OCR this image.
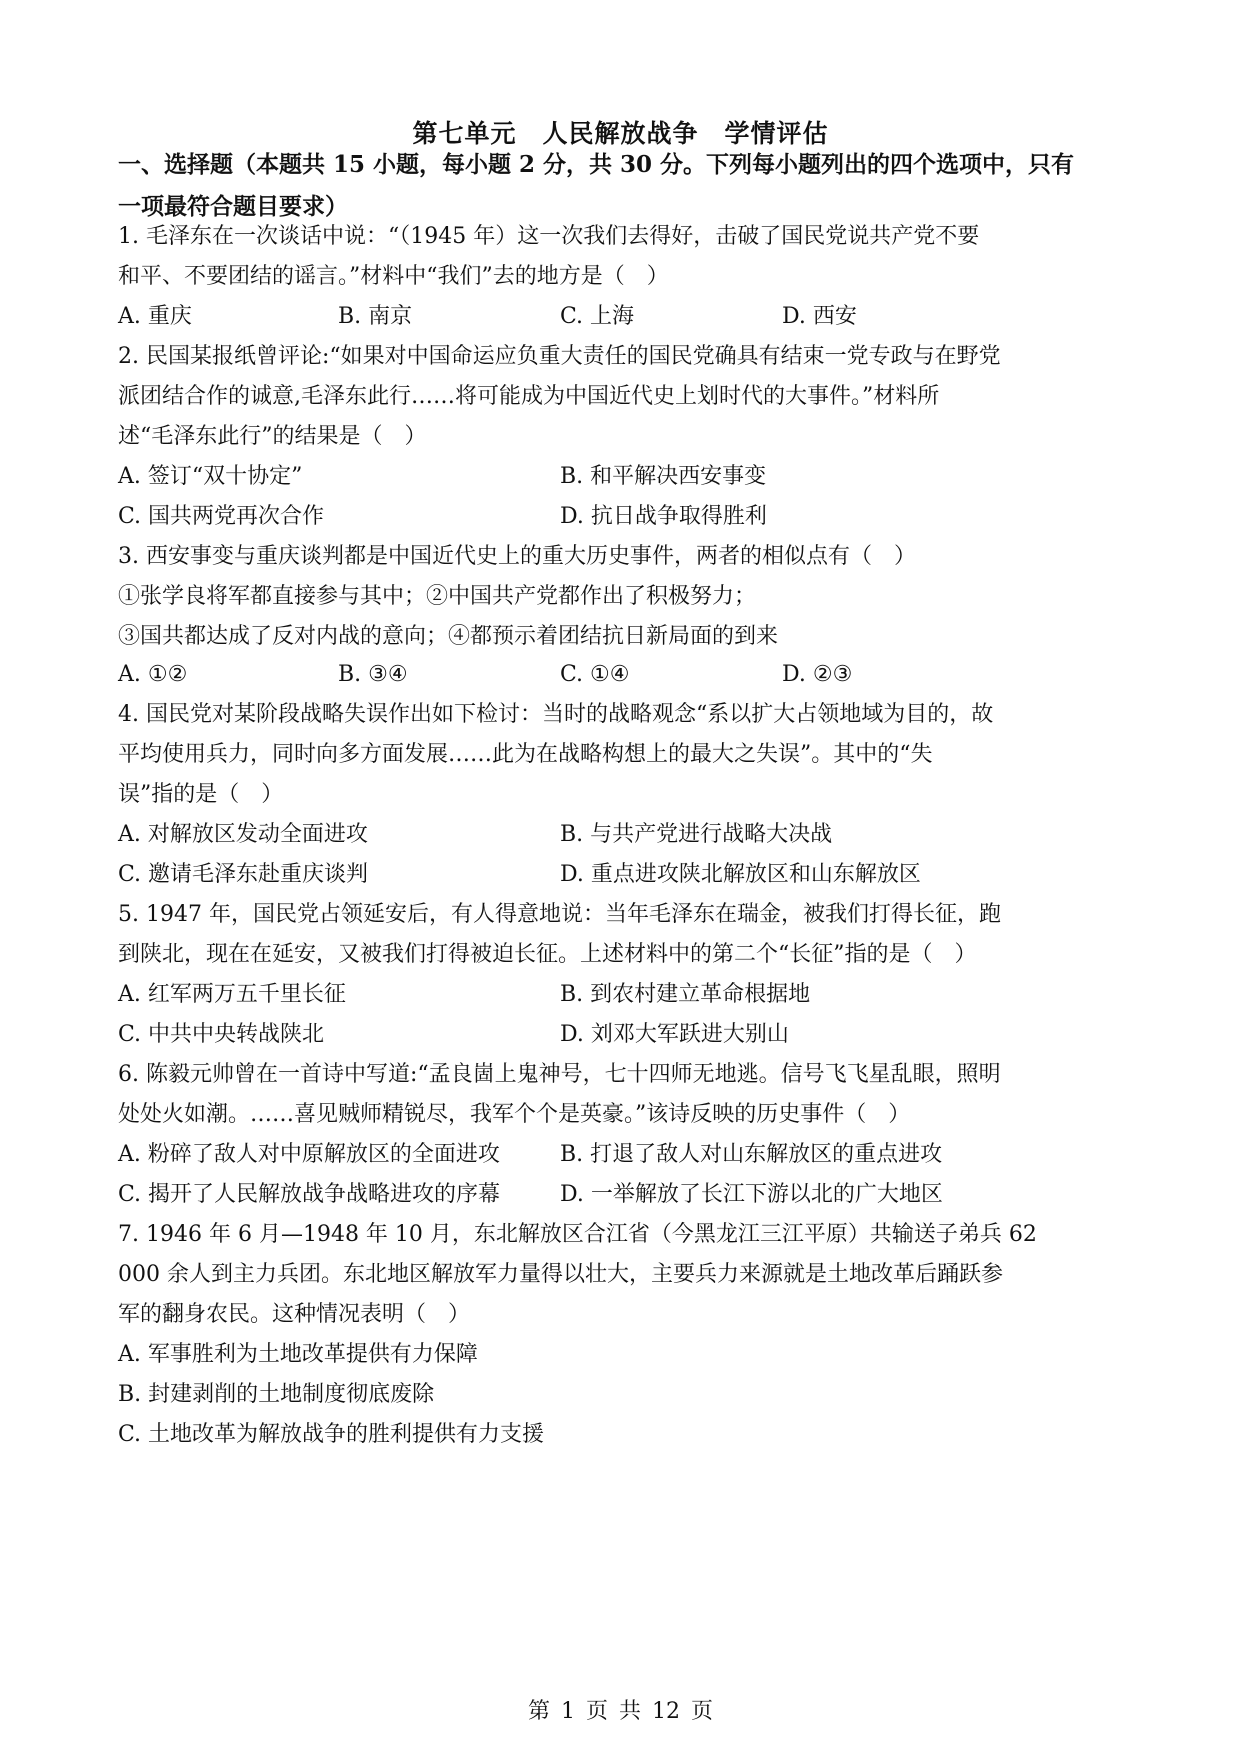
第七单元　人民解放战争　学情评估
一、选择题（本题共 15 小题，每小题 2 分，共 30 分。下列每小题列出的四个选项中，只有
一项最符合题目要求）
1. 毛泽东在一次谈话中说：“（1945 年）这一次我们去得好，击破了国民党说共产党不要
和平、不要团结的谣言。”材料中“我们”去的地方是（　）
A. 重庆	B. 南京	C. 上海	D. 西安
2. 民国某报纸曾评论:“如果对中国命运应负重大责任的国民党确具有结束一党专政与在野党
派团结合作的诚意,毛泽东此行……将可能成为中国近代史上划时代的大事件。”材料所
述“毛泽东此行”的结果是（　）
A. 签订“双十协定”	B. 和平解决西安事变
C. 国共两党再次合作	D. 抗日战争取得胜利
3. 西安事变与重庆谈判都是中国近代史上的重大历史事件，两者的相似点有（　）
①张学良将军都直接参与其中；②中国共产党都作出了积极努力；
③国共都达成了反对内战的意向；④都预示着团结抗日新局面的到来
A. ①②	B. ③④	C. ①④	D. ②③
4. 国民党对某阶段战略失误作出如下检讨：当时的战略观念“系以扩大占领地域为目的，故
平均使用兵力，同时向多方面发展……此为在战略构想上的最大之失误”。其中的“失
误”指的是（　）
A. 对解放区发动全面进攻	B. 与共产党进行战略大决战
C. 邀请毛泽东赴重庆谈判	D. 重点进攻陕北解放区和山东解放区
5. 1947 年，国民党占领延安后，有人得意地说：当年毛泽东在瑞金，被我们打得长征，跑
到陕北，现在在延安，又被我们打得被迫长征。上述材料中的第二个“长征”指的是（　）
A. 红军两万五千里长征	B. 到农村建立革命根据地
C. 中共中央转战陕北	D. 刘邓大军跃进大别山
6. 陈毅元帅曾在一首诗中写道:“孟良崮上鬼神号，七十四师无地逃。信号飞飞星乱眼，照明
处处火如潮。……喜见贼师精锐尽，我军个个是英豪。”该诗反映的历史事件（　）
A. 粉碎了敌人对中原解放区的全面进攻	B. 打退了敌人对山东解放区的重点进攻
C. 揭开了人民解放战争战略进攻的序幕	D. 一举解放了长江下游以北的广大地区
7. 1946 年 6 月—1948 年 10 月，东北解放区合江省（今黑龙江三江平原）共输送子弟兵 62
000 余人到主力兵团。东北地区解放军力量得以壮大，主要兵力来源就是土地改革后踊跃参
军的翻身农民。这种情况表明（　）
A. 军事胜利为土地改革提供有力保障
B. 封建剥削的土地制度彻底废除
C. 土地改革为解放战争的胜利提供有力支援
第 1 页 共 12 页
